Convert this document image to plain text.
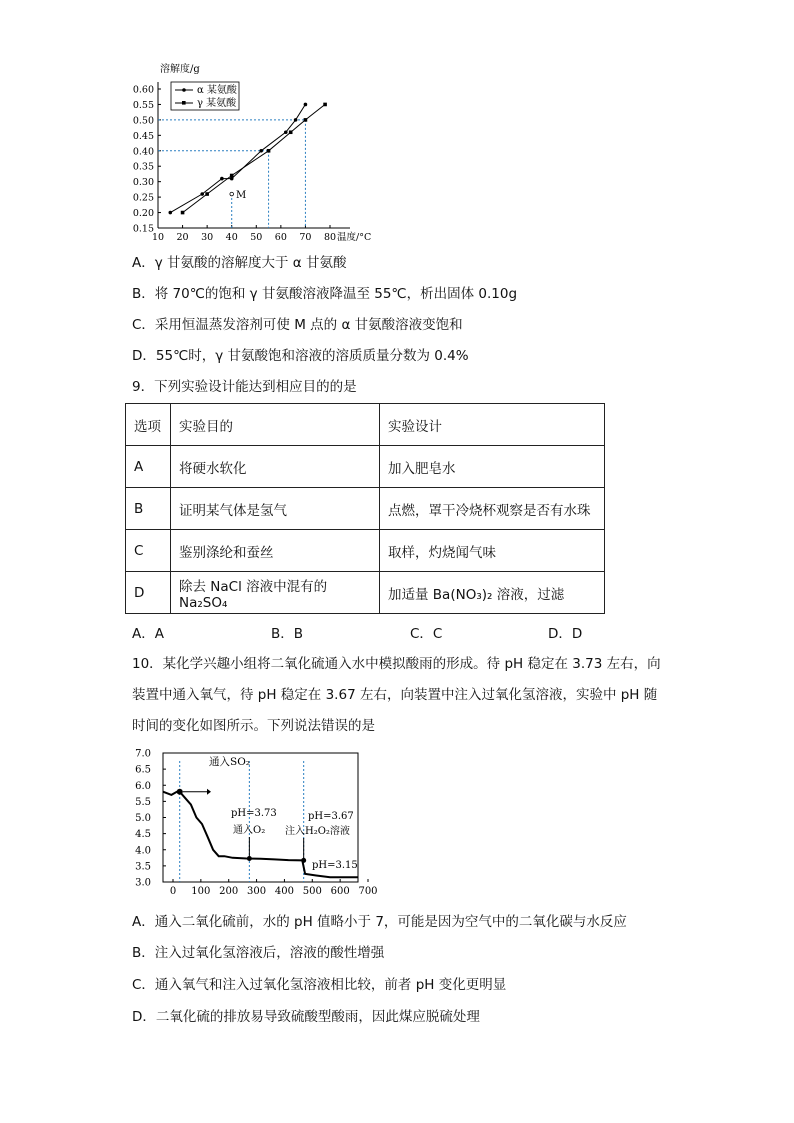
溶解度/g
温度/°C
0.60
0.55
0.50
0.45
0.40
0.35
0.30
0.25
0.20
0.15
10 20 30 40 50 60 70 80
α 某氨酸
γ 某氨酸
M
A．γ 甘氨酸的溶解度大于 α 甘氨酸
B．将 70℃的饱和 γ 甘氨酸溶液降温至 55℃，析出固体 0.10g
C．采用恒温蒸发溶剂可使 M 点的 α 甘氨酸溶液变饱和
D．55℃时，γ 甘氨酸饱和溶液的溶质质量分数为 0.4%
9．下列实验设计能达到相应目的的是
选项	实验目的	实验设计
A	将硬水软化	加入肥皂水
B	证明某气体是氢气	点燃，罩干冷烧杯观察是否有水珠
C	鉴别涤纶和蚕丝	取样，灼烧闻气味
D	除去 NaCl 溶液中混有的 Na₂SO₄	加适量 Ba(NO₃)₂ 溶液，过滤
A．A	B．B	C．C	D．D
10．某化学兴趣小组将二氧化硫通入水中模拟酸雨的形成。待 pH 稳定在 3.73 左右，向装置中通入氧气，待 pH 稳定在 3.67 左右，向装置中注入过氧化氢溶液，实验中 pH 随时间的变化如图所示。下列说法错误的是
7.0
6.5
6.0
5.5
5.0
4.5
4.0
3.5
3.0
0 100 200 300 400 500 600 700
通入SO₂
pH=3.73
通入O₂
pH=3.67
注入H₂O₂溶液
pH=3.15
A．通入二氧化硫前，水的 pH 值略小于 7，可能是因为空气中的二氧化碳与水反应
B．注入过氧化氢溶液后，溶液的酸性增强
C．通入氧气和注入过氧化氢溶液相比较，前者 pH 变化更明显
D．二氧化硫的排放易导致硫酸型酸雨，因此煤应脱硫处理
